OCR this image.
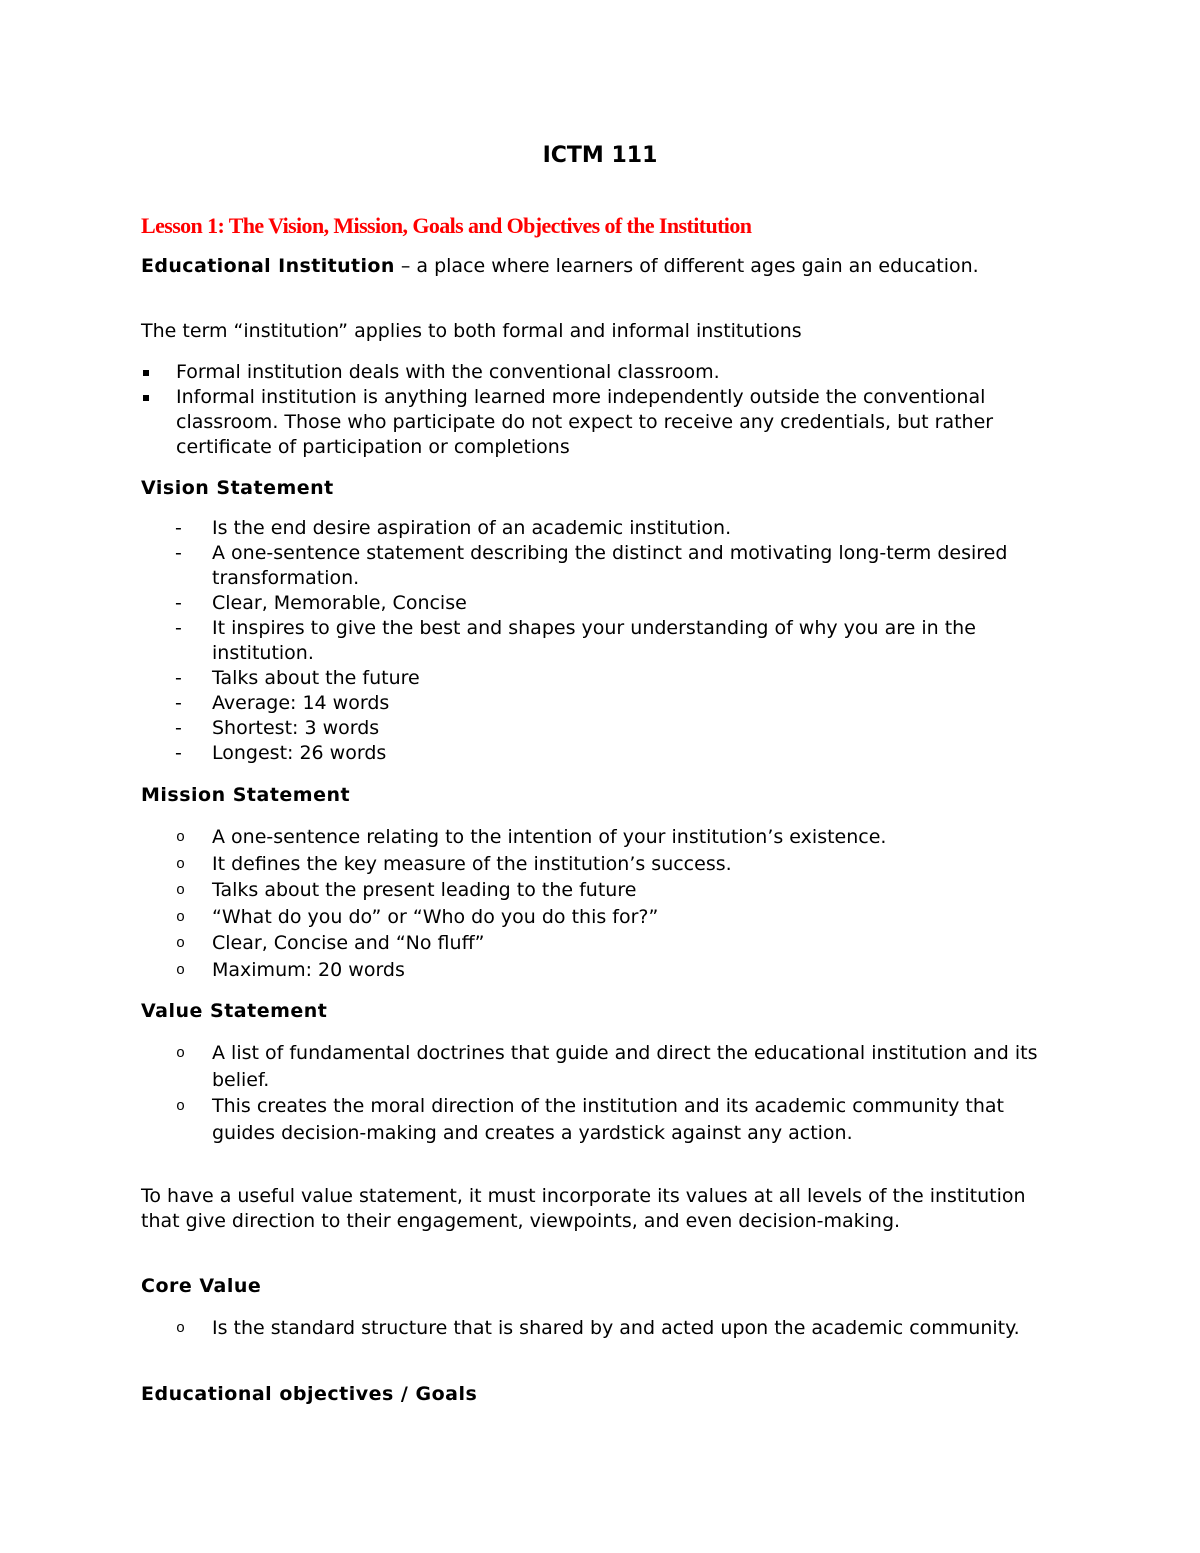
ICTM 111
Lesson 1: The Vision, Mission, Goals and Objectives of the Institution
Educational Institution – a place where learners of different ages gain an education.
The term “institution” applies to both formal and informal institutions
Formal institution deals with the conventional classroom.
Informal institution is anything learned more independently outside the conventional classroom. Those who participate do not expect to receive any credentials, but rather certificate of participation or completions
Vision Statement
- Is the end desire aspiration of an academic institution.
- A one-sentence statement describing the distinct and motivating long-term desired transformation.
- Clear, Memorable, Concise
- It inspires to give the best and shapes your understanding of why you are in the institution.
- Talks about the future
- Average: 14 words
- Shortest: 3 words
- Longest: 26 words
Mission Statement
o A one-sentence relating to the intention of your institution’s existence.
o It defines the key measure of the institution’s success.
o Talks about the present leading to the future
o “What do you do” or “Who do you do this for?”
o Clear, Concise and “No fluff”
o Maximum: 20 words
Value Statement
o A list of fundamental doctrines that guide and direct the educational institution and its belief.
o This creates the moral direction of the institution and its academic community that guides decision-making and creates a yardstick against any action.
To have a useful value statement, it must incorporate its values at all levels of the institution that give direction to their engagement, viewpoints, and even decision-making.
Core Value
o Is the standard structure that is shared by and acted upon the academic community.
Educational objectives / Goals
